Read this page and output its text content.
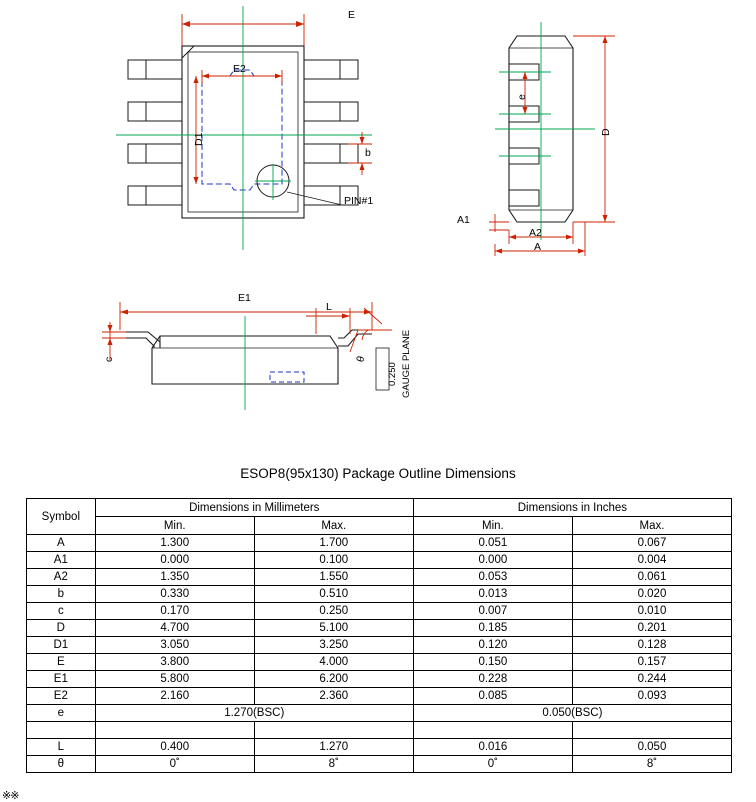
E
E2
D1
b
PIN#1
D
e
A1
A2
A
E1
L
c	θ
0.250 GAUGE PLANE
ESOP8(95x130) Package Outline Dimensions
Symbol	Dimensions in Millimeters		Dimensions in Inches	
	Min.	Max.	Min.	Max.
A	1.300	1.700	0.051	0.067
A1	0.000	0.100	0.000	0.004
A2	1.350	1.550	0.053	0.061
b	0.330	0.510	0.013	0.020
c	0.170	0.250	0.007	0.010
D	4.700	5.100	0.185	0.201
D1	3.050	3.250	0.120	0.128
E	3.800	4.000	0.150	0.157
E1	5.800	6.200	0.228	0.244
E2	2.160	2.360	0.085	0.093
e	1.270(BSC)		0.050(BSC)	

L	0.400	1.270	0.016	0.050
θ	0˚	8˚	0˚	8˚
※※
